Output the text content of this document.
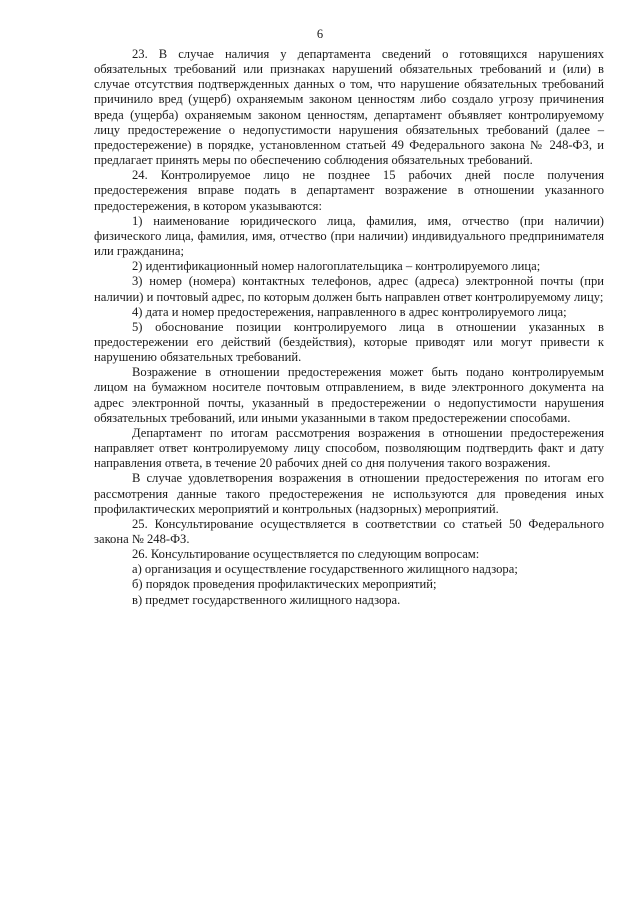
6

23. В случае наличия у департамента сведений о готовящихся нарушениях обязательных требований или признаках нарушений обязательных требований и (или) в случае отсутствия подтвержденных данных о том, что нарушение обязательных требований причинило вред (ущерб) охраняемым законом ценностям либо создало угрозу причинения вреда (ущерба) охраняемым законом ценностям, департамент объявляет контролируемому лицу предостережение о недопустимости нарушения обязательных требований (далее – предостережение) в порядке, установленном статьей 49 Федерального закона № 248-ФЗ, и предлагает принять меры по обеспечению соблюдения обязательных требований.

24. Контролируемое лицо не позднее 15 рабочих дней после получения предостережения вправе подать в департамент возражение в отношении указанного предостережения, в котором указываются:

1) наименование юридического лица, фамилия, имя, отчество (при наличии) физического лица, фамилия, имя, отчество (при наличии) индивидуального предпринимателя или гражданина;

2) идентификационный номер налогоплательщика – контролируемого лица;

3) номер (номера) контактных телефонов, адрес (адреса) электронной почты (при наличии) и почтовый адрес, по которым должен быть направлен ответ контролируемому лицу;

4) дата и номер предостережения, направленного в адрес контролируемого лица;

5) обоснование позиции контролируемого лица в отношении указанных в предостережении его действий (бездействия), которые приводят или могут привести к нарушению обязательных требований.

Возражение в отношении предостережения может быть подано контролируемым лицом на бумажном носителе почтовым отправлением, в виде электронного документа на адрес электронной почты, указанный в предостережении о недопустимости нарушения обязательных требований, или иными указанными в таком предостережении способами.

Департамент по итогам рассмотрения возражения в отношении предостережения направляет ответ контролируемому лицу способом, позволяющим подтвердить факт и дату направления ответа, в течение 20 рабочих дней со дня получения такого возражения.

В случае удовлетворения возражения в отношении предостережения по итогам его рассмотрения данные такого предостережения не используются для проведения иных профилактических мероприятий и контрольных (надзорных) мероприятий.

25. Консультирование осуществляется в соответствии со статьей 50 Федерального закона № 248-ФЗ.

26. Консультирование осуществляется по следующим вопросам:

а) организация и осуществление государственного жилищного надзора;

б) порядок проведения профилактических мероприятий;

в) предмет государственного жилищного надзора.
